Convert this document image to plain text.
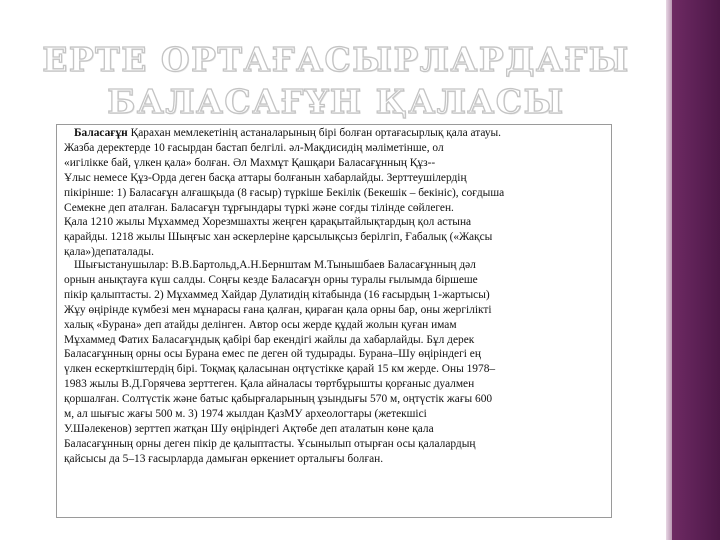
ЕРТЕ ОРТАҒАСЫРЛАРДАҒЫ
БАЛАСАҒҰН ҚАЛАСЫ
Баласағұн Қарахан мемлекетінің астаналарының бірі болған ортағасырлық қала атауы.
Жазба деректерде 10 ғасырдан бастап белгілі. әл-Мақдисидің мәліметінше, ол
«игілікке бай, үлкен қала» болған. Әл Махмұт Қашқари Баласағұнның Құз--
Ұлыс немесе Құз-Орда деген басқа аттары болғанын хабарлайды. Зерттеушілердің
пікірінше: 1) Баласағұн алғашқыда (8 ғасыр) түркіше Бекілік (Бекешік – бекініс), соғдыша
Семекне деп аталған. Баласағұн тұрғындары түркі және соғды тілінде сөйлеген.
Қала 1210 жылы Мұхаммед Хорезмшахты жеңген қарақытайлықтардың қол астына
қарайды. 1218 жылы Шыңғыс хан әскерлеріне қарсылықсыз берілгіп, Ғабалық («Жақсы
қала»)депаталады.
Шығыстанушылар: В.В.Бартольд,А.Н.Бернштам М.Тынышбаев Баласағұнның дәл
орнын анықтауға күш салды. Соңғы кезде Баласағұн орны туралы ғылымда біршеше
пікір қалыптасты. 2) Мұхаммед Хайдар Дулатидің кітабында (16 ғасырдың 1-жартысы)
Жұу өңірінде күмбезі мен мұнарасы ғана қалған, қираған қала орны бар, оны жергілікті
халық «Бурана» деп атайды делінген. Автор осы жерде құдай жолын қуған имам
Мұхаммед Фатих Баласағұндық қабірі бар екендігі жайлы да хабарлайды. Бұл дерек
Баласағұнның орны осы Бурана емес пе деген ой тудырады. Бурана–Шу өңіріндегі ең
үлкен ескерткіштердің бірі. Тоқмақ қаласынан оңтүстікке қарай 15 км жерде. Оны 1978–
1983 жылы В.Д.Горячева зерттеген. Қала айналасы төртбұрышты қорғаныс дуалмен
қоршалған. Солтүстік және батыс қабырғаларының ұзындығы 570 м, оңтүстік жағы 600
м, ал шығыс жағы 500 м. 3) 1974 жылдан ҚазМУ археологтары (жетекшісі
У.Шәлекенов) зерттеп жатқан Шу өңіріндегі Ақтөбе деп аталатын көне қала
Баласағұнның орны деген пікір де қалыптасты. Ұсынылып отырған осы қалалардың
қайсысы да 5–13 ғасырларда дамыған өркениет орталығы болған.
